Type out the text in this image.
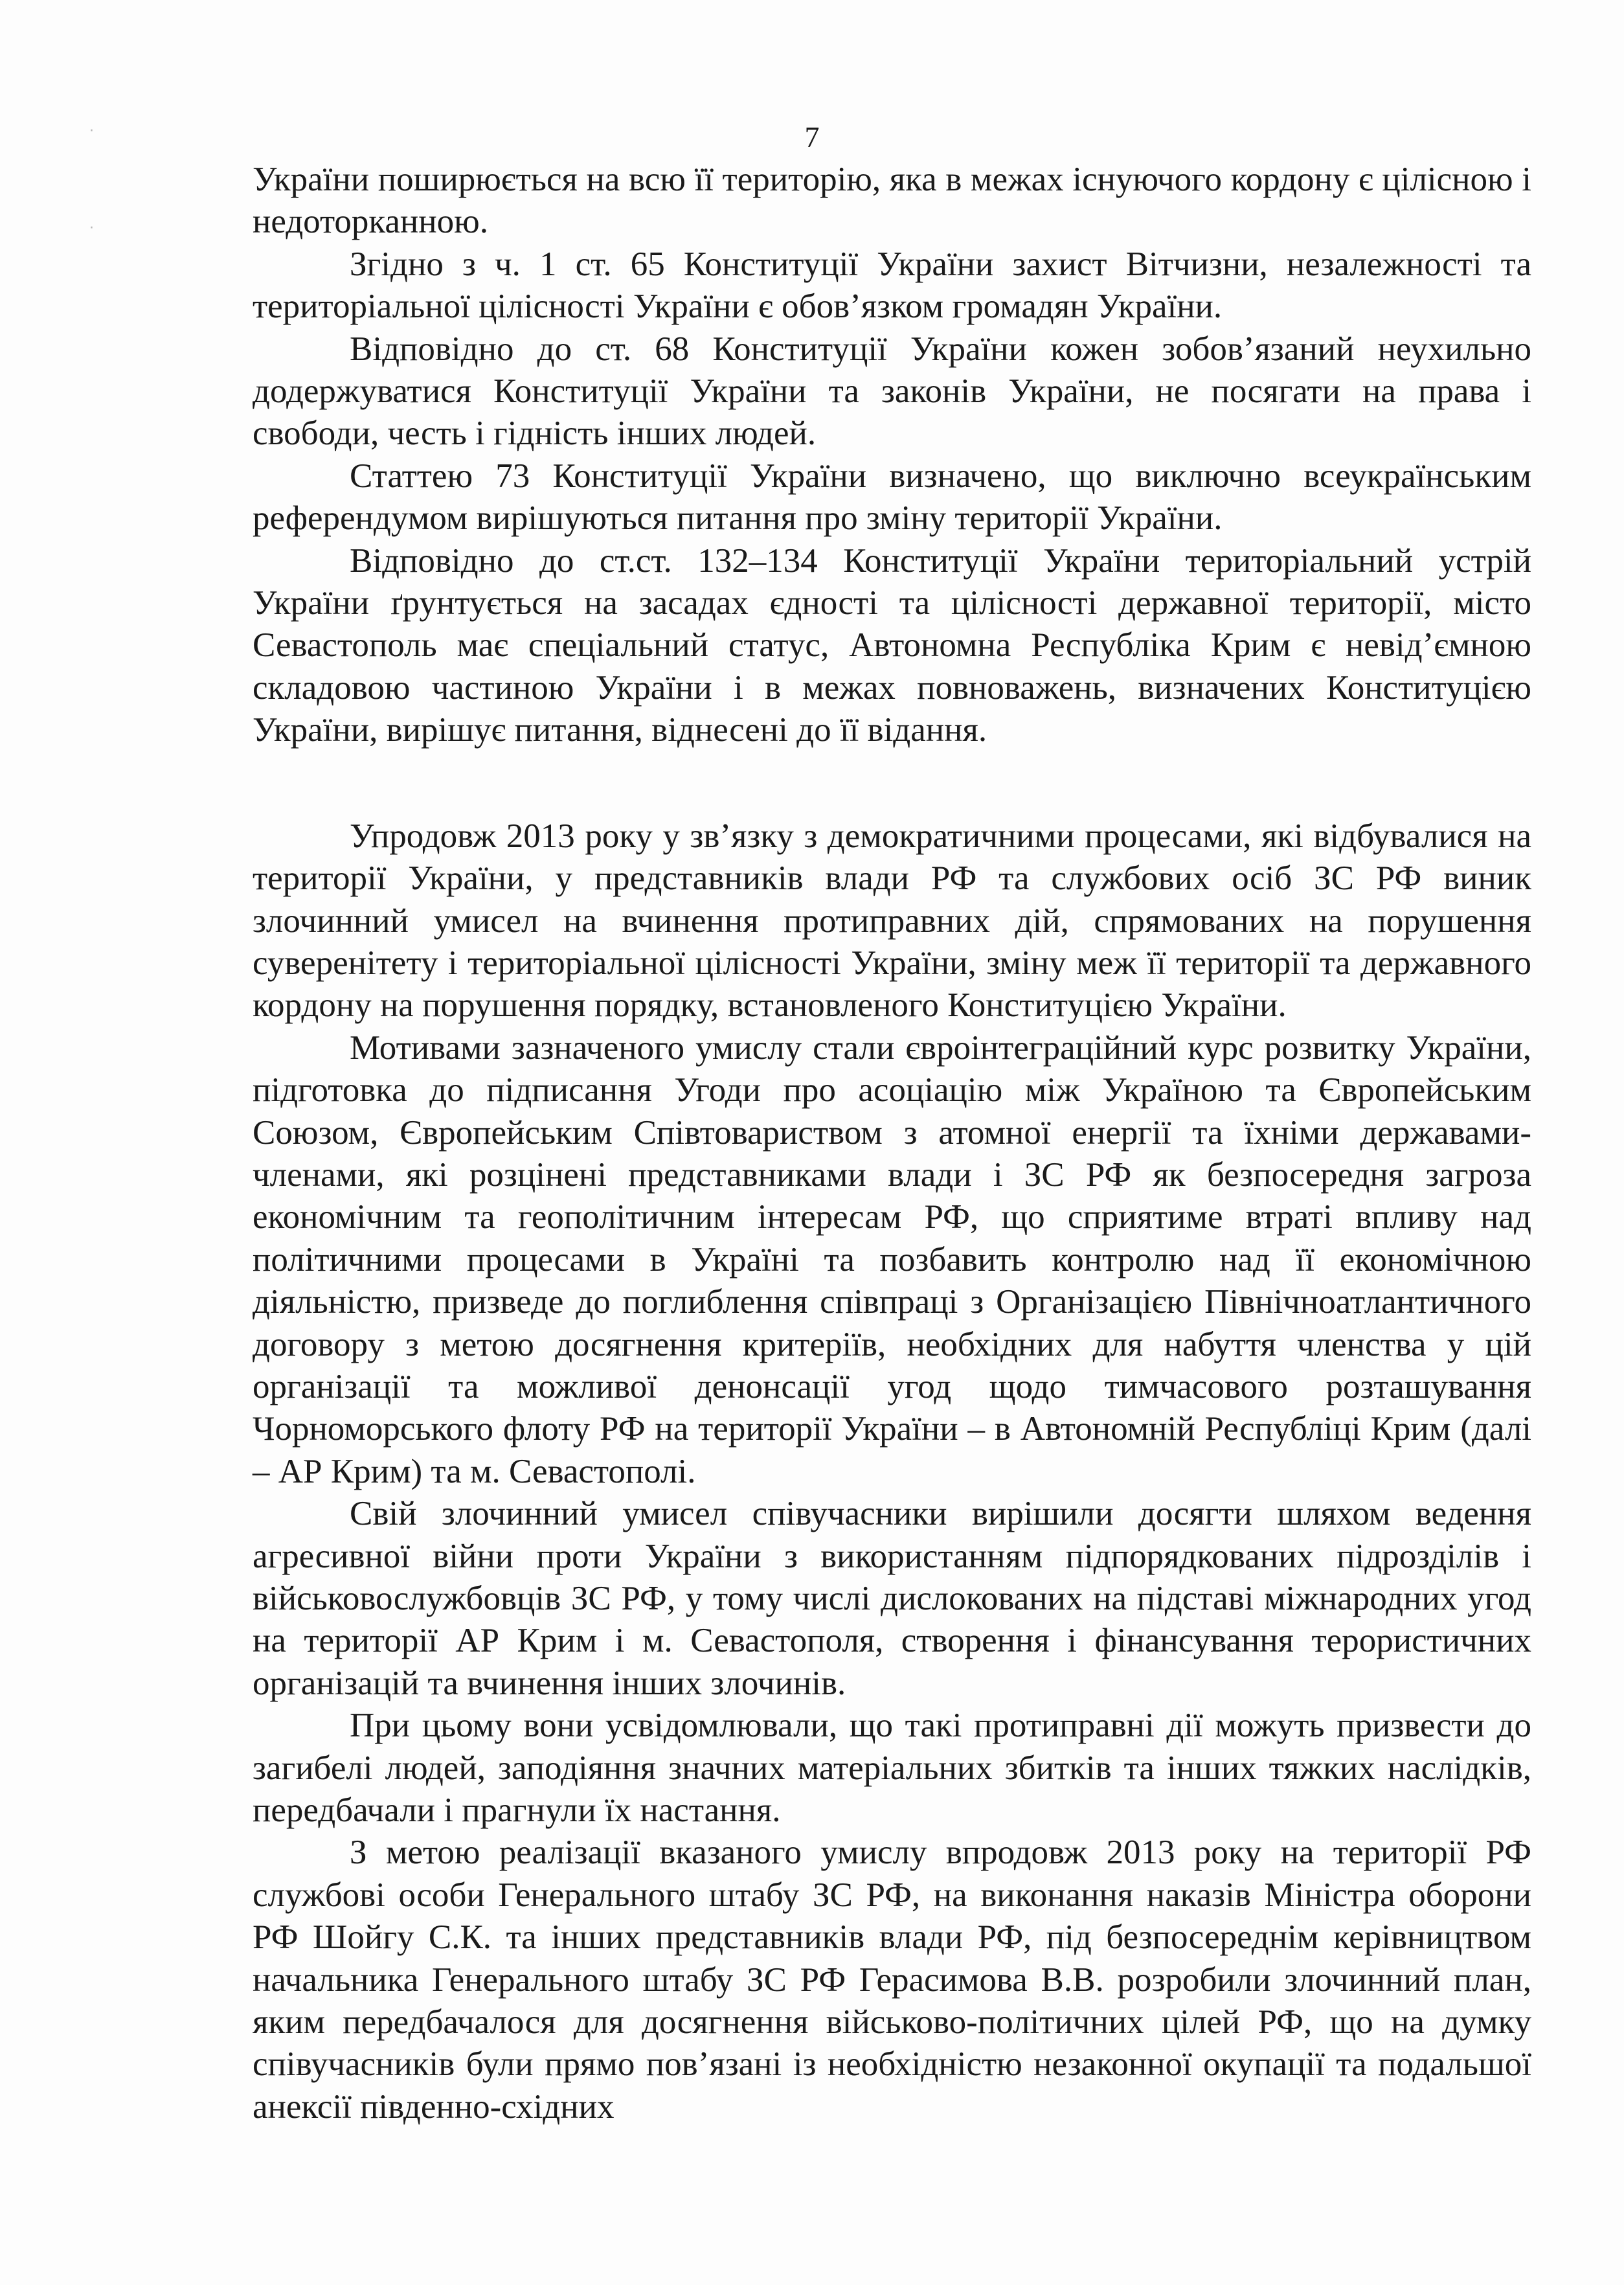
·
·
7

України поширюється на всю її територію, яка в межах існуючого кордону є цілісною і недоторканною.

Згідно з ч. 1 ст. 65 Конституції України захист Вітчизни, незалежності та територіальної цілісності України є обов’язком громадян України.

Відповідно до ст. 68 Конституції України кожен зобов’язаний неухильно додержуватися Конституції України та законів України, не посягати на права і свободи, честь і гідність інших людей.

Статтею 73 Конституції України визначено, що виключно всеукраїнським референдумом вирішуються питання про зміну території України.

Відповідно до ст.ст. 132–134 Конституції України територіальний устрій України ґрунтується на засадах єдності та цілісності державної території, місто Севастополь має спеціальний статус, Автономна Республіка Крим є невід’ємною складовою частиною України і в межах повноважень, визначених Конституцією України, вирішує питання, віднесені до її відання.

Упродовж 2013 року у зв’язку з демократичними процесами, які відбувалися на території України, у представників влади РФ та службових осіб ЗС РФ виник злочинний умисел на вчинення протиправних дій, спрямованих на порушення суверенітету і територіальної цілісності України, зміну меж її території та державного кордону на порушення порядку, встановленого Конституцією України.

Мотивами зазначеного умислу стали євроінтеграційний курс розвитку України, підготовка до підписання Угоди про асоціацію між Україною та Європейським Союзом, Європейським Співтовариством з атомної енергії та їхніми державами-членами, які розцінені представниками влади і ЗС РФ як безпосередня загроза економічним та геополітичним інтересам РФ, що сприятиме втраті впливу над політичними процесами в Україні та позбавить контролю над її економічною діяльністю, призведе до поглиблення співпраці з Організацією Північноатлантичного договору з метою досягнення критеріїв, необхідних для набуття членства у цій організації та можливої денонсації угод щодо тимчасового розташування Чорноморського флоту РФ на території України – в Автономній Республіці Крим (далі – АР Крим) та м. Севастополі.

Свій злочинний умисел співучасники вирішили досягти шляхом ведення агресивної війни проти України з використанням підпорядкованих підрозділів і військовослужбовців ЗС РФ, у тому числі дислокованих на підставі міжнародних угод на території АР Крим і м. Севастополя, створення і фінансування терористичних організацій та вчинення інших злочинів.

При цьому вони усвідомлювали, що такі протиправні дії можуть призвести до загибелі людей, заподіяння значних матеріальних збитків та інших тяжких наслідків, передбачали і прагнули їх настання.

З метою реалізації вказаного умислу впродовж 2013 року на території РФ службові особи Генерального штабу ЗС РФ, на виконання наказів Міністра оборони РФ Шойгу С.К. та інших представників влади РФ, під безпосереднім керівництвом начальника Генерального штабу ЗС РФ Герасимова В.В. розробили злочинний план, яким передбачалося для досягнення військово-політичних цілей РФ, що на думку співучасників були прямо пов’язані із необхідністю незаконної окупації та подальшої анексії південно-східних
